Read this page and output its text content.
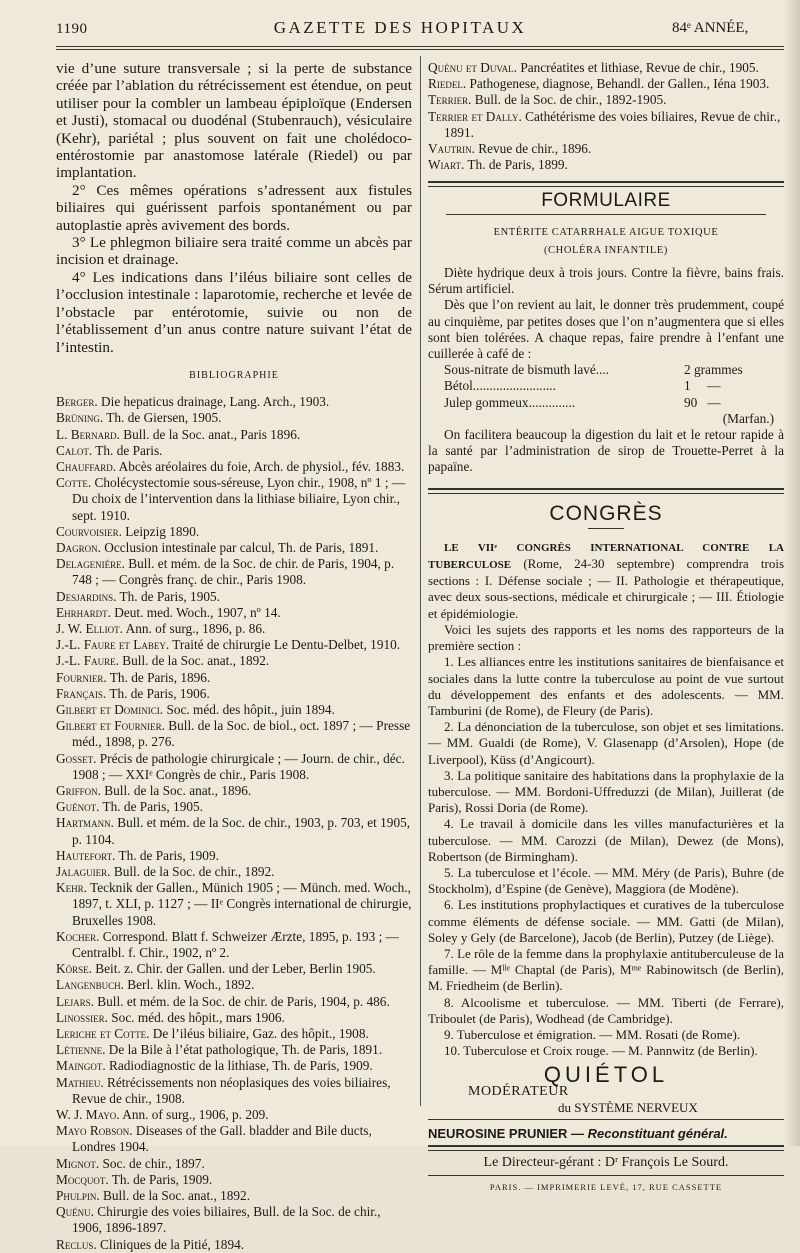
1190	GAZETTE DES HOPITAUX	84ᵉ ANNÉE,

vie d’une suture transversale ; si la perte de substance créée par l’ablation du rétrécissement est étendue, on peut utiliser pour la combler un lambeau épiploïque (Endersen et Justi), stomacal ou duodénal (Stubenrauch), vésiculaire (Kehr), pariétal ; plus souvent on fait une cholédoco-entérostomie par anastomose latérale (Riedel) ou par implantation.

2° Ces mêmes opérations s’adressent aux fistules biliaires qui guérissent parfois spontanément ou par autoplastie après avivement des bords.

3° Le phlegmon biliaire sera traité comme un abcès par incision et drainage.

4° Les indications dans l’iléus biliaire sont celles de l’occlusion intestinale : laparotomie, recherche et levée de l’obstacle par entérotomie, suivie ou non de l’établissement d’un anus contre nature suivant l’état de l’intestin.

BIBLIOGRAPHIE

Berger. Die hepaticus drainage, Lang. Arch., 1903.

Brüning. Th. de Giersen, 1905.

L. Bernard. Bull. de la Soc. anat., Paris 1896.

Calot. Th. de Paris.

Chauffard. Abcès aréolaires du foie, Arch. de physiol., fév. 1883.

Cotte. Cholécystectomie sous-séreuse, Lyon chir., 1908, nº 1 ; — Du choix de l’intervention dans la lithiase biliaire, Lyon chir., sept. 1910.

Courvoisier. Leipzig 1890.

Dagron. Occlusion intestinale par calcul, Th. de Paris, 1891.

Delagenière. Bull. et mém. de la Soc. de chir. de Paris, 1904, p. 748 ; — Congrès franç. de chir., Paris 1908.

Desjardins. Th. de Paris, 1905.

Ehrhardt. Deut. med. Woch., 1907, nº 14.

J. W. Elliot. Ann. of surg., 1896, p. 86.

J.-L. Faure et Labey. Traité de chirurgie Le Dentu-Delbet, 1910.

J.-L. Faure. Bull. de la Soc. anat., 1892.

Fournier. Th. de Paris, 1896.

Français. Th. de Paris, 1906.

Gilbert et Dominici. Soc. méd. des hôpit., juin 1894.

Gilbert et Fournier. Bull. de la Soc. de biol., oct. 1897 ; — Presse méd., 1898, p. 276.

Gosset. Précis de pathologie chirurgicale ; — Journ. de chir., déc. 1908 ; — XXIᵉ Congrès de chir., Paris 1908.

Griffon. Bull. de la Soc. anat., 1896.

Guénot. Th. de Paris, 1905.

Hartmann. Bull. et mém. de la Soc. de chir., 1903, p. 703, et 1905, p. 1104.

Hautefort. Th. de Paris, 1909.

Jalaguier. Bull. de la Soc. de chir., 1892.

Kehr. Tecknik der Gallen., Münich 1905 ; — Münch. med. Woch., 1897, t. XLI, p. 1127 ; — IIᵉ Congrès international de chirurgie, Bruxelles 1908.

Kocher. Correspond. Blatt f. Schweizer Ærzte, 1895, p. 193 ; — Centralbl. f. Chir., 1902, nº 2.

Körse. Beit. z. Chir. der Gallen. und der Leber, Berlin 1905.

Langenbuch. Berl. klin. Woch., 1892.

Lejars. Bull. et mém. de la Soc. de chir. de Paris, 1904, p. 486.

Linossier. Soc. méd. des hôpit., mars 1906.

Leriche et Cotte. De l’iléus biliaire, Gaz. des hôpit., 1908.

Létienne. De la Bile à l’état pathologique, Th. de Paris, 1891.

Maingot. Radiodiagnostic de la lithiase, Th. de Paris, 1909.

Mathieu. Rétrécissements non néoplasiques des voies biliaires, Revue de chir., 1908.

W. J. Mayo. Ann. of surg., 1906, p. 209.

Mayo Robson. Diseases of the Gall. bladder and Bile ducts, Londres 1904.

Mignot. Soc. de chir., 1897.

Mocquot. Th. de Paris, 1909.

Phulpin. Bull. de la Soc. anat., 1892.

Quénu. Chirurgie des voies biliaires, Bull. de la Soc. de chir., 1906, 1896-1897.

Reclus. Cliniques de la Pitié, 1894.

Quénu et Duval. Pancréatites et lithiase, Revue de chir., 1905.

Riedel. Pathogenese, diagnose, Behandl. der Gallen., Iéna 1903.

Terrier. Bull. de la Soc. de chir., 1892-1905.

Terrier et Dally. Cathétérisme des voies biliaires, Revue de chir., 1891.

Vautrin. Revue de chir., 1896.

Wiart. Th. de Paris, 1899.

FORMULAIRE
ENTÉRITE CATARRHALE AIGUE TOXIQUE
(CHOLÉRA INFANTILE)

Diète hydrique deux à trois jours. Contre la fièvre, bains frais. Sérum artificiel.

Dès que l’on revient au lait, le donner très prudemment, coupé au cinquième, par petites doses que l’on n’augmentera que si elles sont bien tolérées. A chaque repas, faire prendre à l’enfant une cuillerée à café de :

Sous-nitrate de bismuth lavé....	2 grammes
Bétol.........................	1     —
Julep gommeux..............	90   —
(Marfan.)

On facilitera beaucoup la digestion du lait et le retour rapide à la santé par l’administration de sirop de Trouette-Perret à la papaïne.

CONGRÈS

LE VIIᵉ CONGRÈS INTERNATIONAL CONTRE LA TUBERCULOSE (Rome, 24-30 septembre) comprendra trois sections : I. Défense sociale ; — II. Pathologie et thérapeutique, avec deux sous-sections, médicale et chirurgicale ; — III. Étiologie et épidémiologie.

Voici les sujets des rapports et les noms des rapporteurs de la première section :

1. Les alliances entre les institutions sanitaires de bienfaisance et sociales dans la lutte contre la tuberculose au point de vue surtout du développement des enfants et des adolescents. — MM. Tamburini (de Rome), de Fleury (de Paris).

2. La dénonciation de la tuberculose, son objet et ses limitations. — MM. Gualdi (de Rome), V. Glasenapp (d’Arsolen), Hope (de Liverpool), Küss (d’Angicourt).

3. La politique sanitaire des habitations dans la prophylaxie de la tuberculose. — MM. Bordoni-Uffreduzzi (de Milan), Juillerat (de Paris), Rossi Doria (de Rome).

4. Le travail à domicile dans les villes manufacturières et la tuberculose. — MM. Carozzi (de Milan), Dewez (de Mons), Robertson (de Birmingham).

5. La tuberculose et l’école. — MM. Méry (de Paris), Buhre (de Stockholm), d’Espine (de Genève), Maggiora (de Modène).

6. Les institutions prophylactiques et curatives de la tuberculose comme éléments de défense sociale. — MM. Gatti (de Milan), Soley y Gely (de Barcelone), Jacob (de Berlin), Putzey (de Liège).

7. Le rôle de la femme dans la prophylaxie antituberculeuse de la famille. — Mˡˡᵉ Chaptal (de Paris), Mᵐᵉ Rabinowitsch (de Berlin), M. Friedheim (de Berlin).

8. Alcoolisme et tuberculose. — MM. Tiberti (de Ferrare), Triboulet (de Paris), Wodhead (de Cambridge).

9. Tuberculose et émigration. — MM. Rosati (de Rome).

10. Tuberculose et Croix rouge. — M. Pannwitz (de Berlin).

QUIÉTOL
MODÉRATEUR
du SYSTÈME NERVEUX
NEUROSINE PRUNIER — Reconstituant général.
Le Directeur-gérant : Dʳ François Le Sourd.
PARIS. — IMPRIMERIE LEVÉ, 17, RUE CASSETTE
